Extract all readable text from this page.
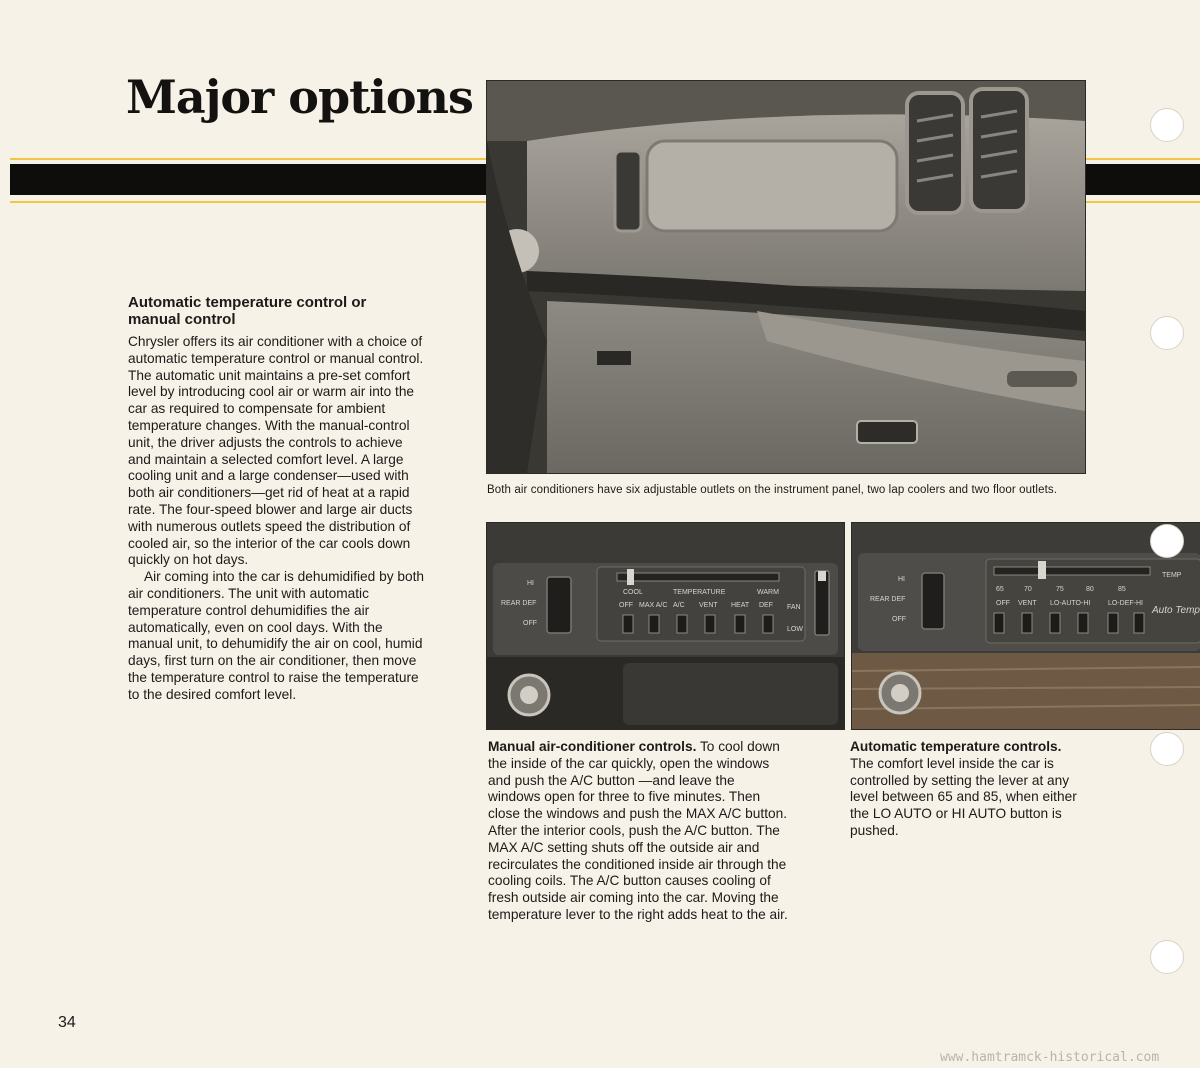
Major options

Both air conditioners have six adjustable outlets on the instrument panel, two lap coolers and two floor outlets.

HI
REAR DEF
OFF
COOL	TEMPERATURE	WARM
FAN
LOW
OFF MAX A/C A/C VENT HEAT DEF
HI
REAR DEF
OFF
TEMP
65	70	75	80	85
OFF VENT LO-AUTO-HI	LO-DEF-HI
Auto Temp
Automatic temperature control or manual control

Chrysler offers its air conditioner with a choice of automatic temperature control or manual control. The automatic unit maintains a pre-set comfort level by introducing cool air or warm air into the car as required to compensate for ambient temperature changes. With the manual-control unit, the driver adjusts the controls to achieve and maintain a selected comfort level. A large cooling unit and a large condenser—used with both air conditioners—get rid of heat at a rapid rate. The four-speed blower and large air ducts with numerous outlets speed the distribution of cooled air, so the interior of the car cools down quickly on hot days.

Air coming into the car is dehumidified by both air conditioners. The unit with automatic temperature control dehumidifies the air automatically, even on cool days. With the manual unit, to dehumidify the air on cool, humid days, first turn on the air conditioner, then move the temperature control to raise the temperature to the desired comfort level.

Manual air-conditioner controls. To cool down the inside of the car quickly, open the windows and push the A/C button —and leave the windows open for three to five minutes. Then close the windows and push the MAX A/C button. After the interior cools, push the A/C button. The MAX A/C setting shuts off the outside air and recirculates the conditioned inside air through the cooling coils. The A/C button causes cooling of fresh outside air coming into the car. Moving the temperature lever to the right adds heat to the air.

Automatic temperature controls.
The comfort level inside the car is controlled by setting the lever at any level between 65 and 85, when either the LO AUTO or HI AUTO button is pushed.

34

www.hamtramck-historical.com
